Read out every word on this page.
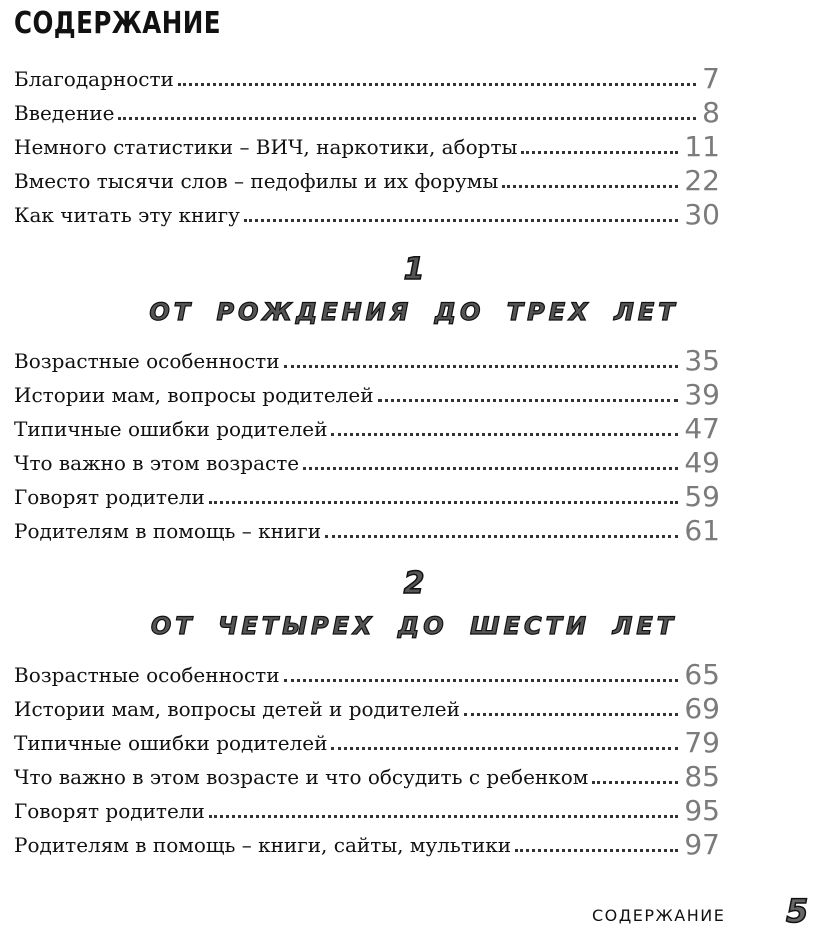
СОДЕРЖАНИЕ
Благодарности	7
Введение	8
Немного статистики – ВИЧ, наркотики, аборты	11
Вместо тысячи слов – педофилы и их форумы	22
Как читать эту книгу	30
1
ОТ РОЖДЕНИЯ ДО ТРЕХ ЛЕТ
Возрастные особенности	35
Истории мам, вопросы родителей	39
Типичные ошибки родителей	47
Что важно в этом возрасте	49
Говорят родители	59
Родителям в помощь – книги	61
2
ОТ ЧЕТЫРЕХ ДО ШЕСТИ ЛЕТ
Возрастные особенности	65
Истории мам, вопросы детей и родителей	69
Типичные ошибки родителей	79
Что важно в этом возрасте и что обсудить с ребенком	85
Говорят родители	95
Родителям в помощь – книги, сайты, мультики	97
СОДЕРЖАНИЕ 5
